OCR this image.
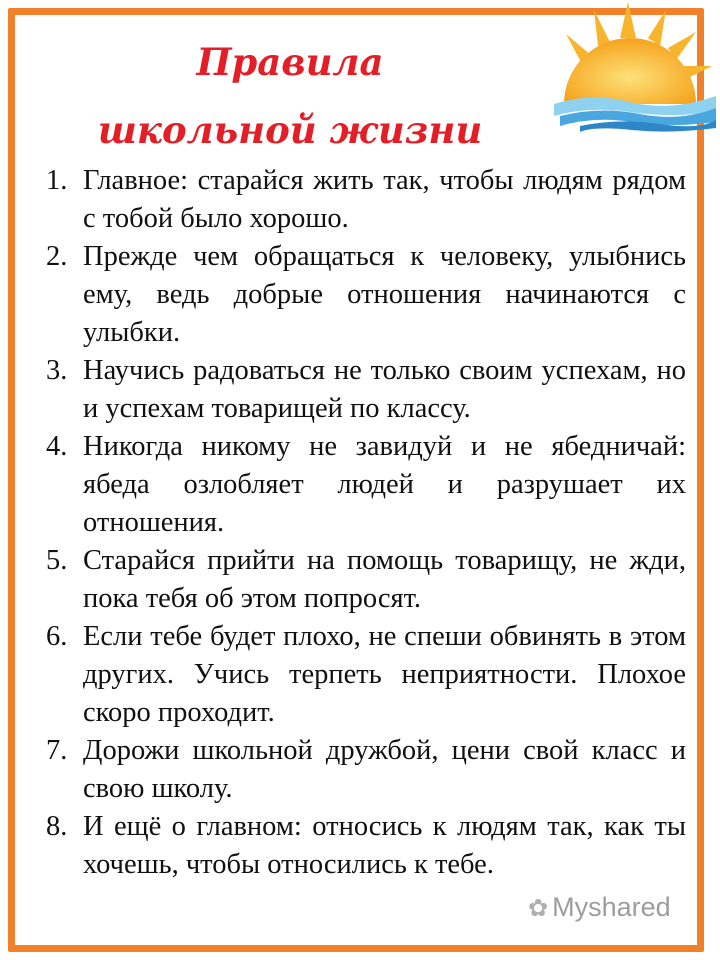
Правила
школьной жизни
1. Главное: старайся жить так, чтобы людям рядом с тобой было хорошо.
2. Прежде чем обращаться к человеку, улыбнись ему, ведь добрые отношения начинаются с улыбки.
3. Научись радоваться не только своим успехам, но и успехам товарищей по классу.
4. Никогда никому не завидуй и не ябедничай: ябеда озлобляет людей и разрушает их отношения.
5. Старайся прийти на помощь товарищу, не жди, пока тебя об этом попросят.
6. Если тебе будет плохо, не спеши обвинять в этом других. Учись терпеть неприятности. Плохое скоро проходит.
7. Дорожи школьной дружбой, цени свой класс и свою школу.
8. И ещё о главном: относись к людям так, как ты хочешь, чтобы относились к тебе.
✿ Myshared
